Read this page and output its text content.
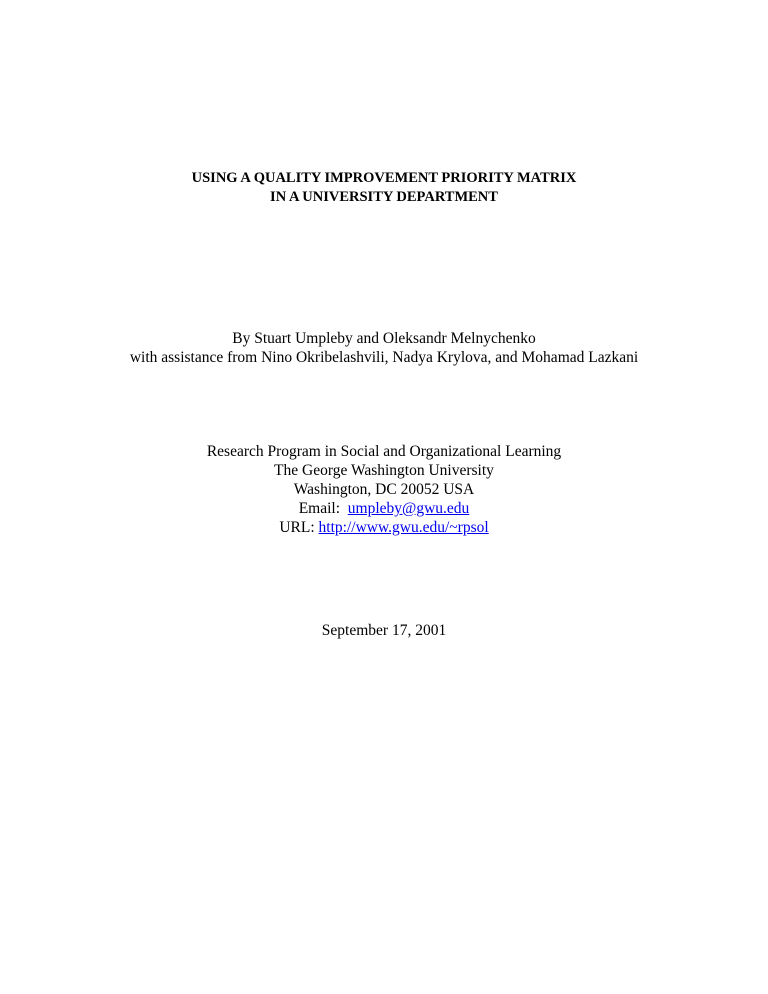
USING A QUALITY IMPROVEMENT PRIORITY MATRIX
IN A UNIVERSITY DEPARTMENT
By Stuart Umpleby and Oleksandr Melnychenko
with assistance from Nino Okribelashvili, Nadya Krylova, and Mohamad Lazkani
Research Program in Social and Organizational Learning
The George Washington University
Washington, DC 20052 USA
Email:  umpleby@gwu.edu
URL: http://www.gwu.edu/~rpsol
September 17, 2001
